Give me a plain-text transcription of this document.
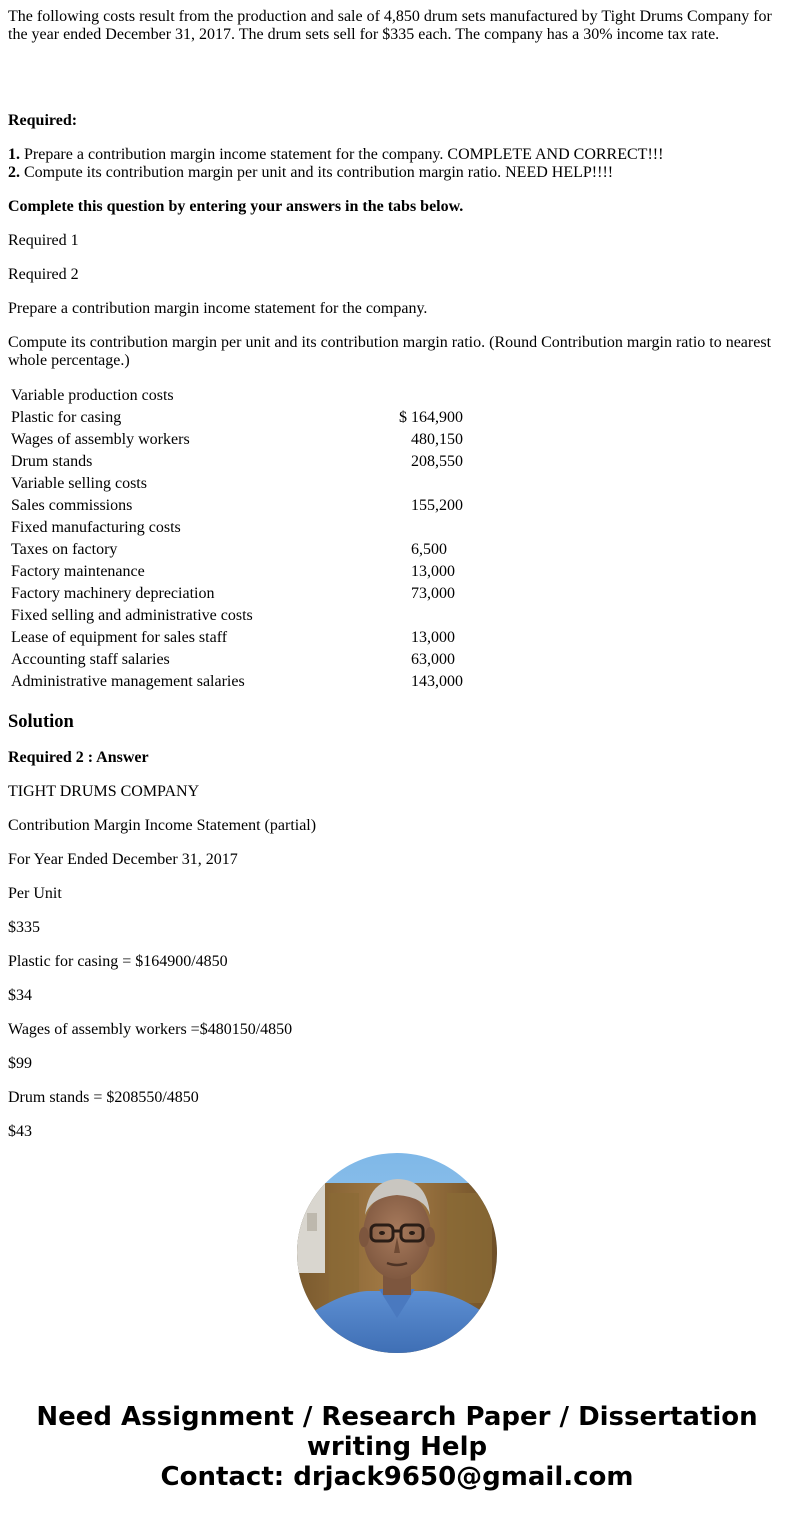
The following costs result from the production and sale of 4,850 drum sets manufactured by Tight Drums Company for the year ended December 31, 2017. The drum sets sell for $335 each. The company has a 30% income tax rate.

Required:

1. Prepare a contribution margin income statement for the company. COMPLETE AND CORRECT!!!
2. Compute its contribution margin per unit and its contribution margin ratio. NEED HELP!!!!

Complete this question by entering your answers in the tabs below.

Required 1

Required 2

Prepare a contribution margin income statement for the company.

Compute its contribution margin per unit and its contribution margin ratio. (Round Contribution margin ratio to nearest whole percentage.)

Variable production costs	
Plastic for casing	$ 164,900
Wages of assembly workers	480,150
Drum stands	208,550
Variable selling costs	
Sales commissions	155,200
Fixed manufacturing costs	
Taxes on factory	6,500
Factory maintenance	13,000
Factory machinery depreciation	73,000
Fixed selling and administrative costs	
Lease of equipment for sales staff	13,000
Accounting staff salaries	63,000
Administrative management salaries	143,000
Solution

Required 2 : Answer

TIGHT DRUMS COMPANY

Contribution Margin Income Statement (partial)

For Year Ended December 31, 2017

Per Unit

$335

Plastic for casing = $164900/4850

$34

Wages of assembly workers =$480150/4850

$99

Drum stands = $208550/4850

$43

Need Assignment / Research Paper / Dissertation
writing Help
Contact: drjack9650@gmail.com
